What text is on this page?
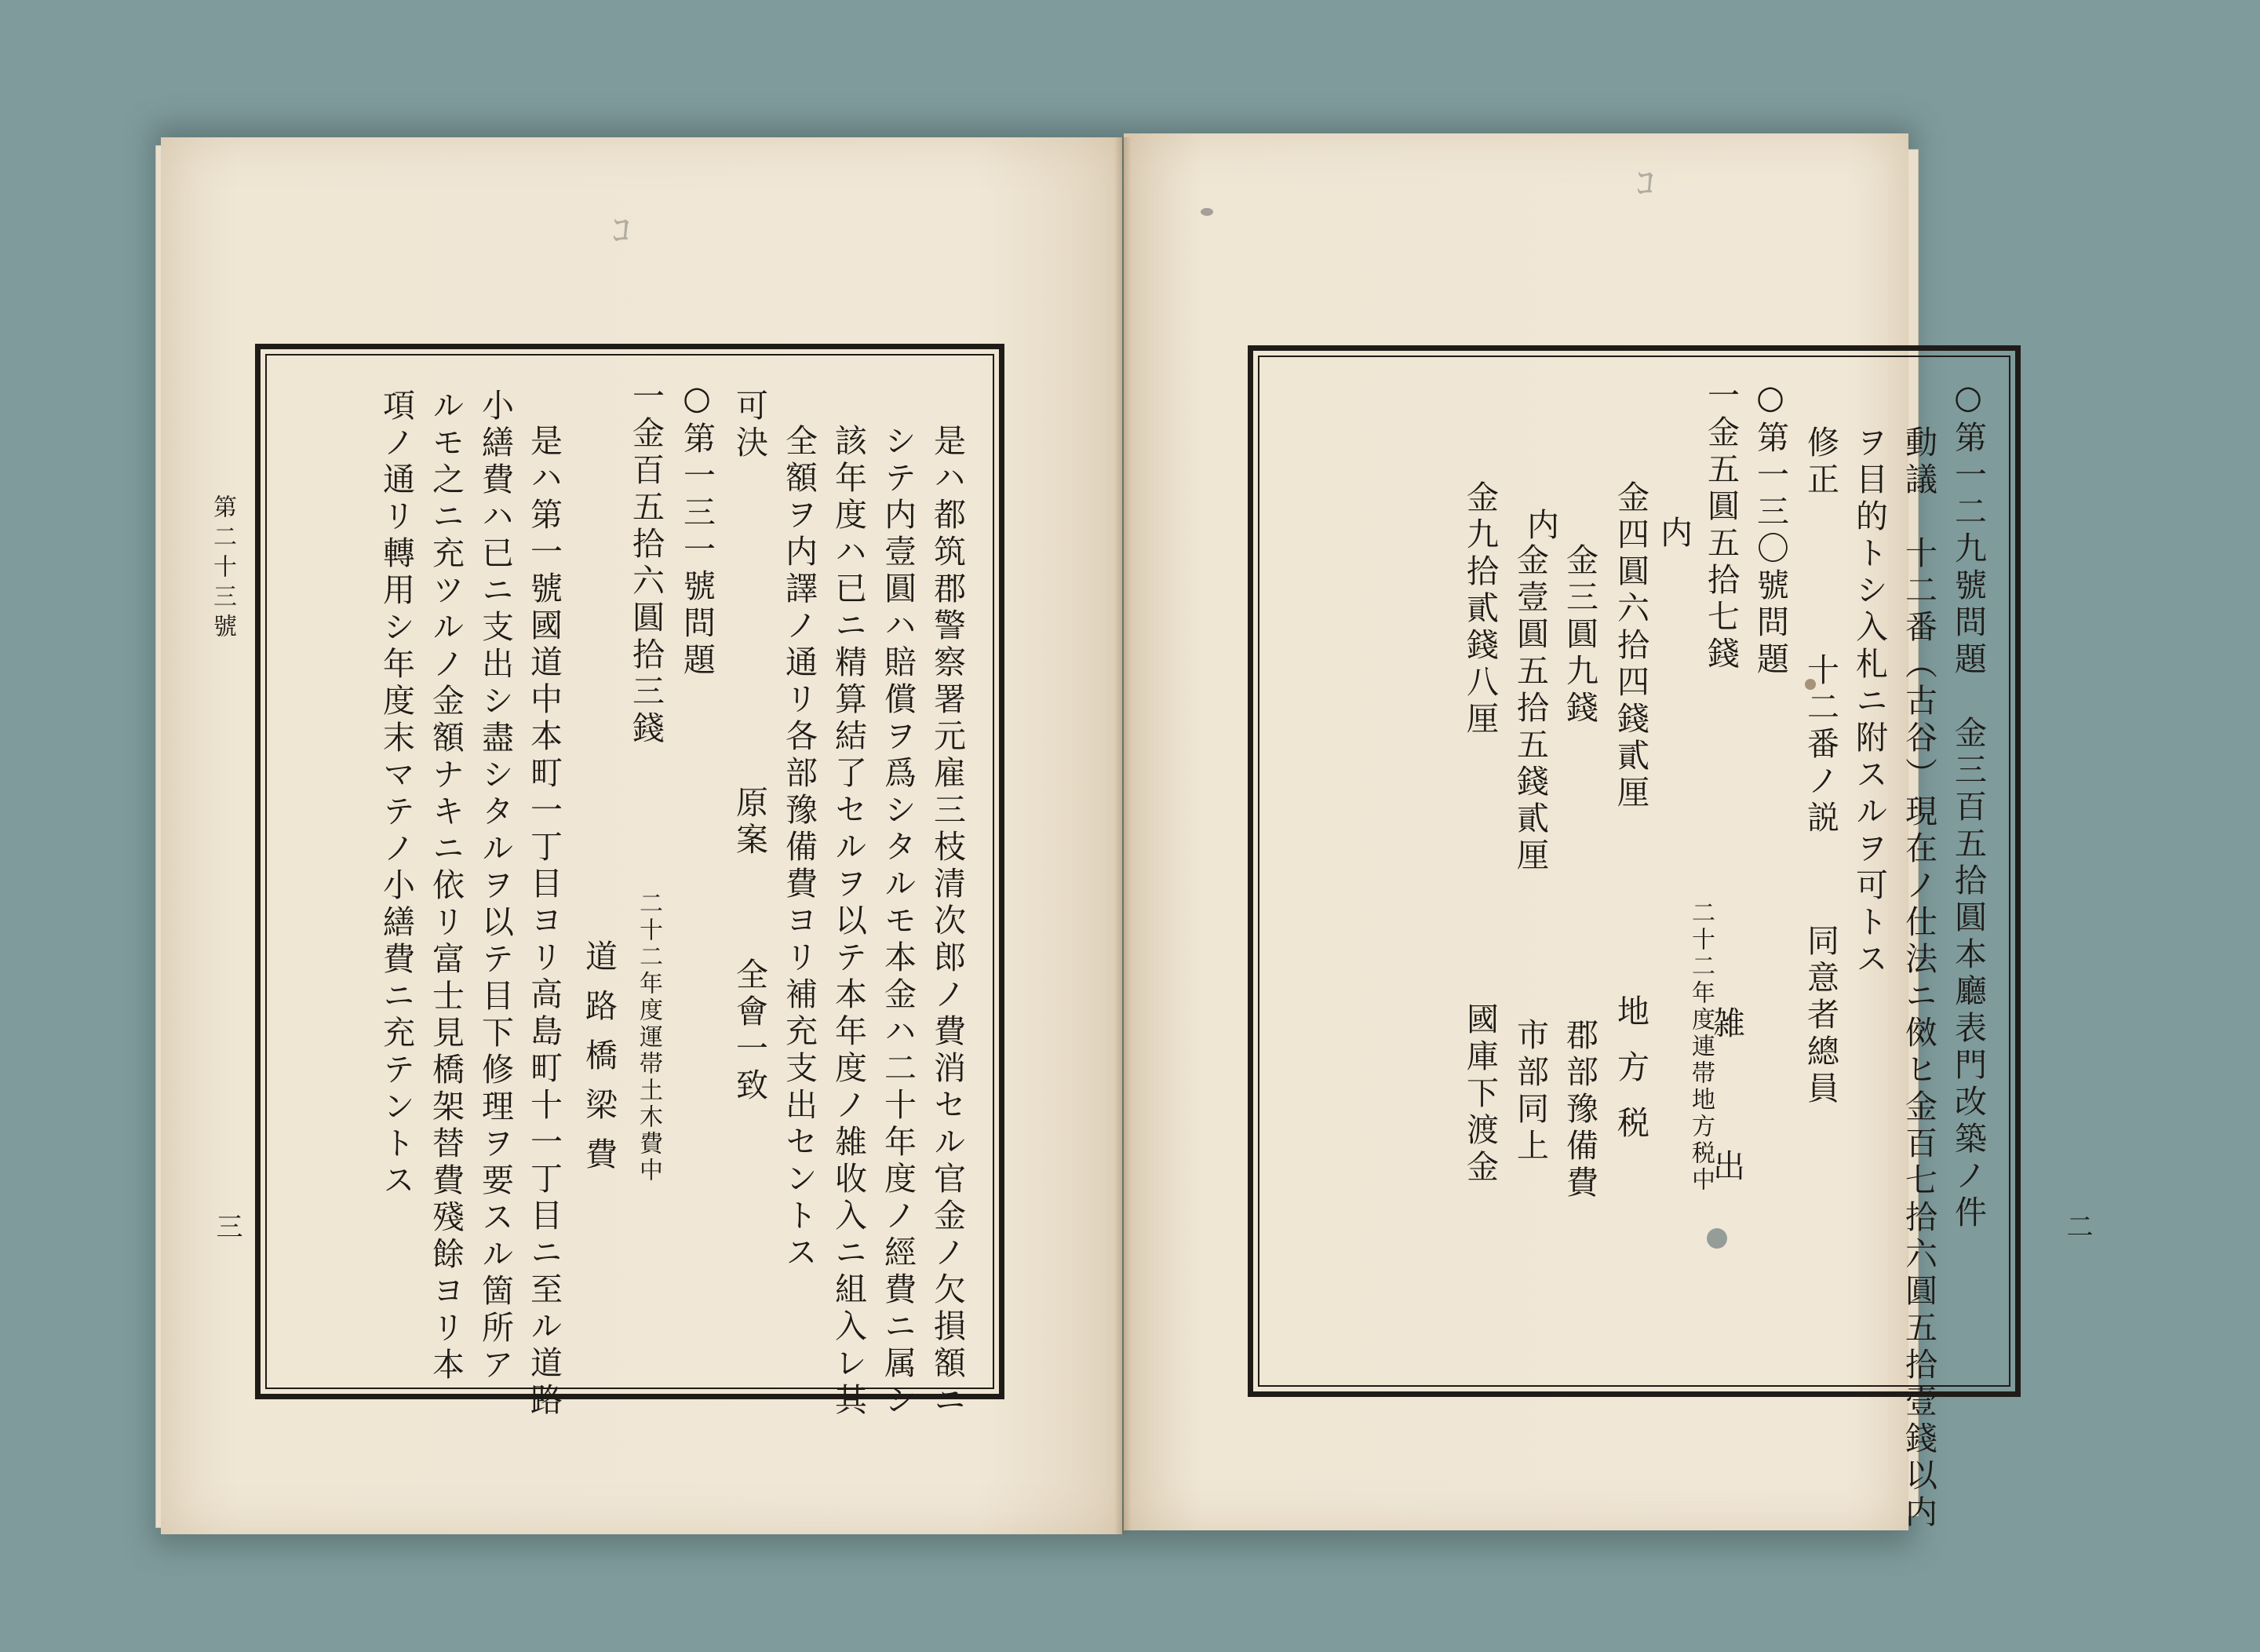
ｺ
ｺ
第二十三號
三	是ハ都筑郡警察署元雇三枝清次郎ノ費消セル官金ノ欠損額ニ
シテ内壹圓ハ賠償ヲ爲シタルモ本金ハ二十年度ノ經費ニ属シ
該年度ハ已ニ精算結了セルヲ以テ本年度ノ雑收入ニ組入レ其
全額ヲ内譯ノ通リ各部豫備費ヨリ補充支出セントス
可決
原案
全會一致
○第一三一號問題
一金百五拾六圓拾三錢
二十二年度運帯土木費中
道路橋梁費
是ハ第一號國道中本町一丁目ヨリ高島町十一丁目ニ至ル道路
小繕費ハ已ニ支出シ盡シタルヲ以テ目下修理ヲ要スル箇所ア
ルモ之ニ充ツルノ金額ナキニ依リ富士見橋架替費殘餘ヨリ本
項ノ通リ轉用シ年度末マテノ小繕費ニ充テントス
二
○第一二九號問題　金三百五拾圓本廳表門改築ノ件
動議　十二番（古谷）現在ノ仕法ニ傚ヒ金百七拾六圓五拾壹錢以内
ヲ目的トシ入札ニ附スルヲ可トス
修正
十二番ノ説
同意者總員
○第一三〇號問題
一金五圓五拾七錢
二十二年度連帯地方税中
雑　出
内
金四圓六拾四錢貳厘
地方税
金三圓九錢
郡部豫備費
内
金壹圓五拾五錢貳厘
市部同上
金九拾貳錢八厘
國庫下渡金
